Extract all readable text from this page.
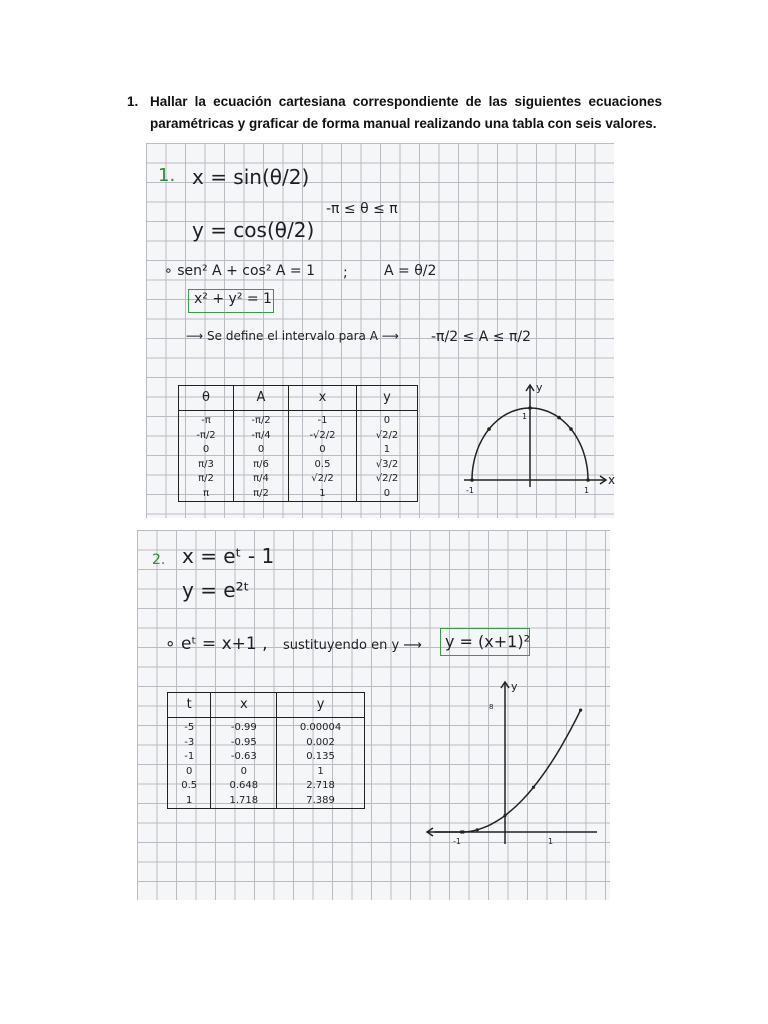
1. Hallar la ecuación cartesiana correspondiente de las siguientes ecuaciones paramétricas y graficar de forma manual realizando una tabla con seis valores.
1. x = sin(θ/2)
y = cos(θ/2)
-π ≤ θ ≤ π
∘ sen² A + cos² A = 1 ;	A = θ/2
x² + y² = 1
⟶ Se define el intervalo para A ⟶ -π/2 ≤ A ≤ π/2
θ	A	x	y
-π	-π/2	-1	0
-π/2	-π/4	-√2/2	√2/2
0	0	0	1
π/3	π/6	0.5	√3/2
π/2	π/4	√2/2	√2/2
π	π/2	1	0
x
y
-1	1
1
2. x = eᵗ - 1
y = e²ᵗ
∘ eᵗ = x+1 , sustituyendo en y ⟶ y = (x+1)²
t	x	y
-5	-0.99	0.00004
-3	-0.95	0.002
-1	-0.63	0.135
0	0	1
0.5	0.648	2.718
1	1.718	7.389
y
8
-1	1
